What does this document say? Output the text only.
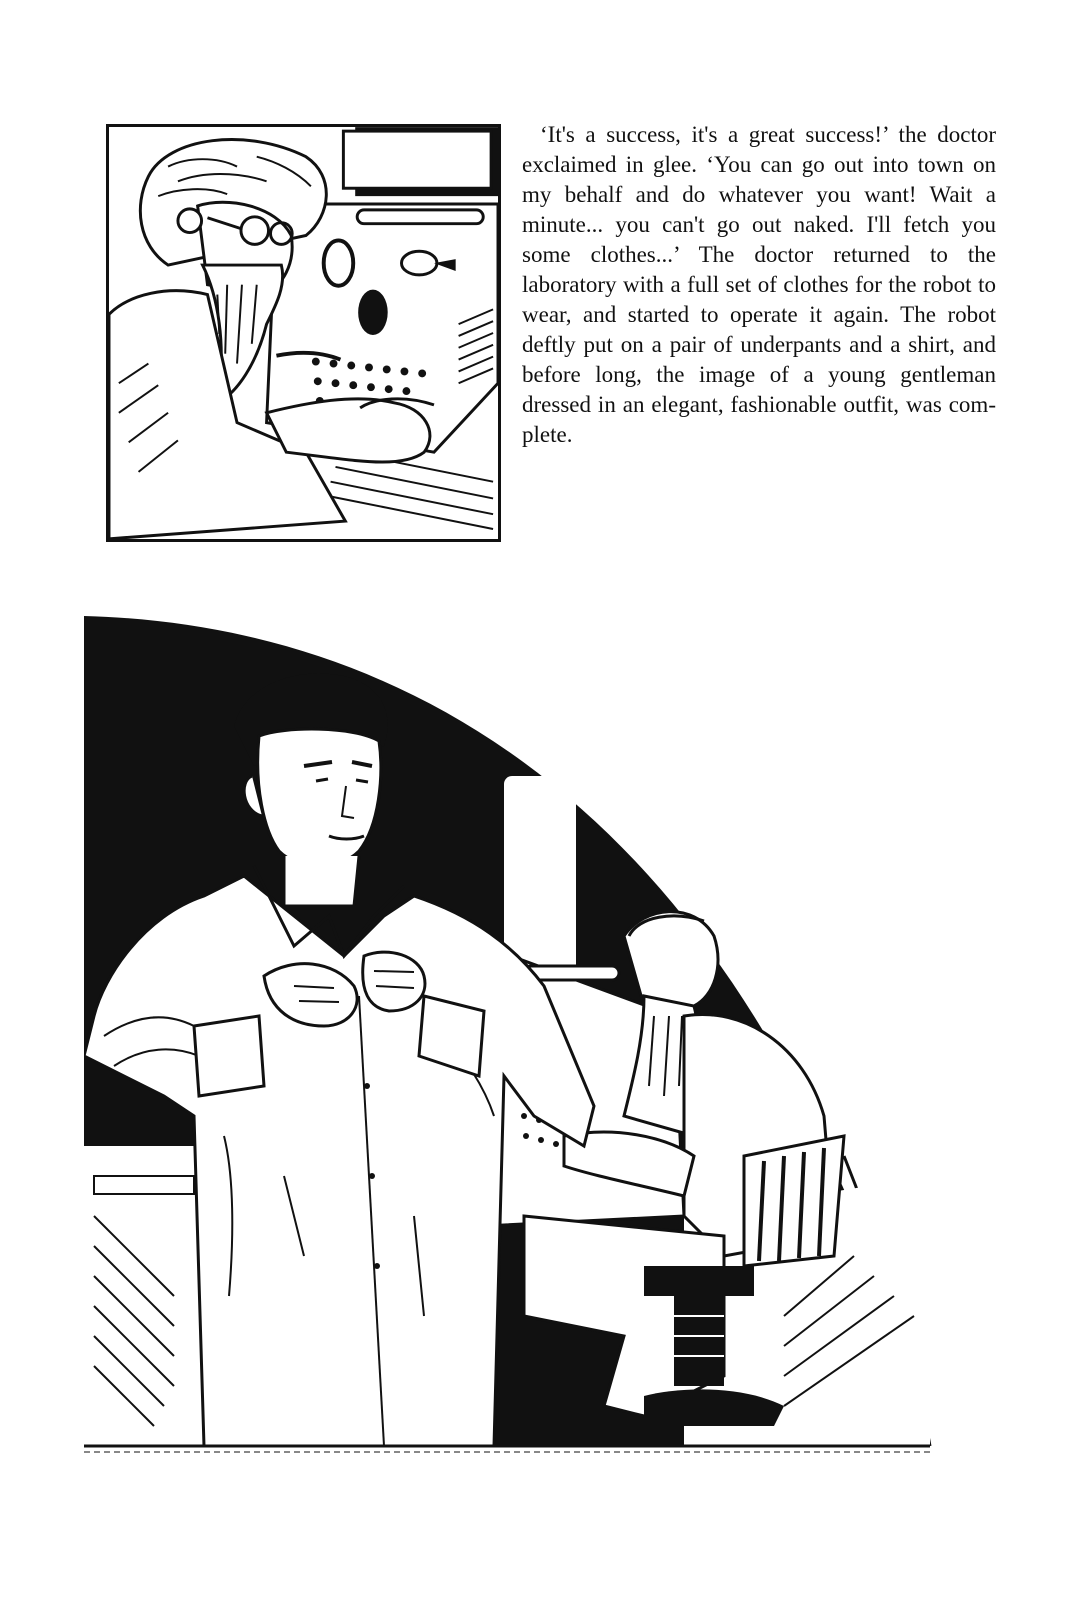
‘It's a success, it's a great success!’ the doctor exclaimed in glee. ‘You can go out into town on my behalf and do whatever you want! Wait a minute... you can't go out naked. I'll fetch you some clothes...’ The doctor returned to the laboratory with a full set of clothes for the robot to wear, and started to operate it again. The robot deftly put on a pair of underpants and a shirt, and before long, the image of a young gentleman dressed in an elegant, fashionable outfit, was complete.
